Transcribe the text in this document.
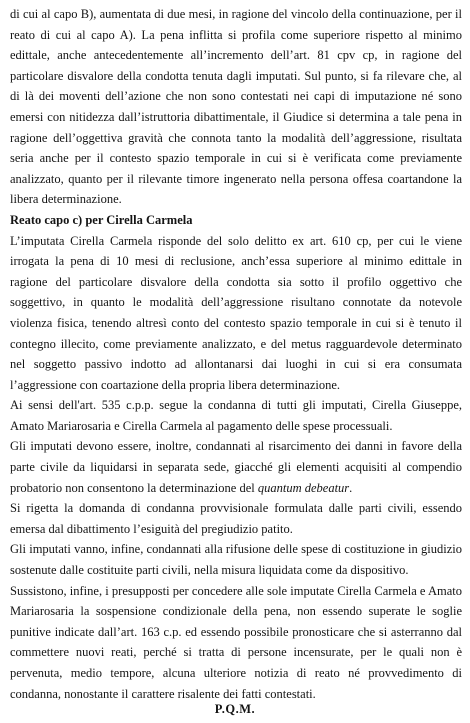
di cui al capo B), aumentata di due mesi, in ragione del vincolo della continuazione, per il reato di cui al capo A). La pena inflitta si profila come superiore rispetto al minimo edittale, anche antecedentemente all’incremento dell’art. 81 cpv cp, in ragione del particolare disvalore della condotta tenuta dagli imputati. Sul punto, si fa rilevare che, al di là dei moventi dell’azione che non sono contestati nei capi di imputazione né sono emersi con nitidezza dall’istruttoria dibattimentale, il Giudice si determina a tale pena in ragione dell’oggettiva gravità che connota tanto la modalità dell’aggressione, risultata seria anche per il contesto spazio temporale in cui si è verificata come previamente analizzato, quanto per il rilevante timore ingenerato nella persona offesa coartandone la libera determinazione.

Reato capo c) per Cirella Carmela

L’imputata Cirella Carmela risponde del solo delitto ex art. 610 cp, per cui le viene irrogata la pena di 10 mesi di reclusione, anch’essa superiore al minimo edittale in ragione del particolare disvalore della condotta sia sotto il profilo oggettivo che soggettivo, in quanto le modalità dell’aggressione risultano connotate da notevole violenza fisica, tenendo altresì conto del contesto spazio temporale in cui si è tenuto il contegno illecito, come previamente analizzato, e del metus ragguardevole determinato nel soggetto passivo indotto ad allontanarsi dai luoghi in cui si era consumata l’aggressione con coartazione della propria libera determinazione.

Ai sensi dell'art. 535 c.p.p. segue la condanna di tutti gli imputati, Cirella Giuseppe, Amato Mariarosaria e Cirella Carmela al pagamento delle spese processuali.

Gli imputati devono essere, inoltre, condannati al risarcimento dei danni in favore della parte civile da liquidarsi in separata sede, giacché gli elementi acquisiti al compendio probatorio non consentono la determinazione del quantum debeatur.

Si rigetta la domanda di condanna provvisionale formulata dalle parti civili, essendo emersa dal dibattimento l’esiguità del pregiudizio patito.

Gli imputati vanno, infine, condannati alla rifusione delle spese di costituzione in giudizio sostenute dalle costituite parti civili, nella misura liquidata come da dispositivo.

Sussistono, infine, i presupposti per concedere alle sole imputate Cirella Carmela e Amato Mariarosaria la sospensione condizionale della pena, non essendo superate le soglie punitive indicate dall’art. 163 c.p. ed essendo possibile pronosticare che si asterranno dal commettere nuovi reati, perché si tratta di persone incensurate, per le quali non è pervenuta, medio tempore, alcuna ulteriore notizia di reato né provvedimento di condanna, nonostante il carattere risalente dei fatti contestati.

P.Q.M.
